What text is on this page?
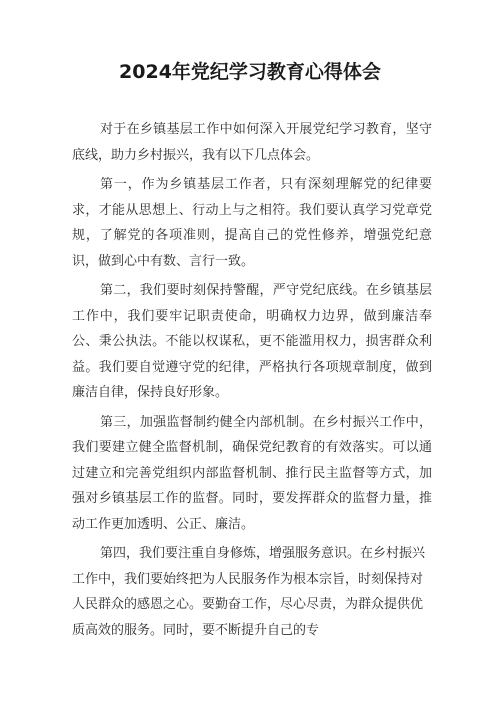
2024年党纪学习教育心得体会

对于在乡镇基层工作中如何深入开展党纪学习教育，坚守底线，助力乡村振兴，我有以下几点体会。

第一，作为乡镇基层工作者，只有深刻理解党的纪律要求，才能从思想上、行动上与之相符。我们要认真学习党章党规，了解党的各项准则，提高自己的党性修养，增强党纪意识，做到心中有数、言行一致。

第二，我们要时刻保持警醒，严守党纪底线。在乡镇基层工作中，我们要牢记职责使命，明确权力边界，做到廉洁奉公、秉公执法。不能以权谋私，更不能滥用权力，损害群众利益。我们要自觉遵守党的纪律，严格执行各项规章制度，做到廉洁自律，保持良好形象。

第三，加强监督制约健全内部机制。在乡村振兴工作中，我们要建立健全监督机制，确保党纪教育的有效落实。可以通过建立和完善党组织内部监督机制、推行民主监督等方式，加强对乡镇基层工作的监督。同时，要发挥群众的监督力量，推动工作更加透明、公正、廉洁。

第四，我们要注重自身修炼，增强服务意识。在乡村振兴工作中，我们要始终把为人民服务作为根本宗旨，时刻保持对人民群众的感恩之心。要勤奋工作，尽心尽责，为群众提供优质高效的服务。同时，要不断提升自己的专
